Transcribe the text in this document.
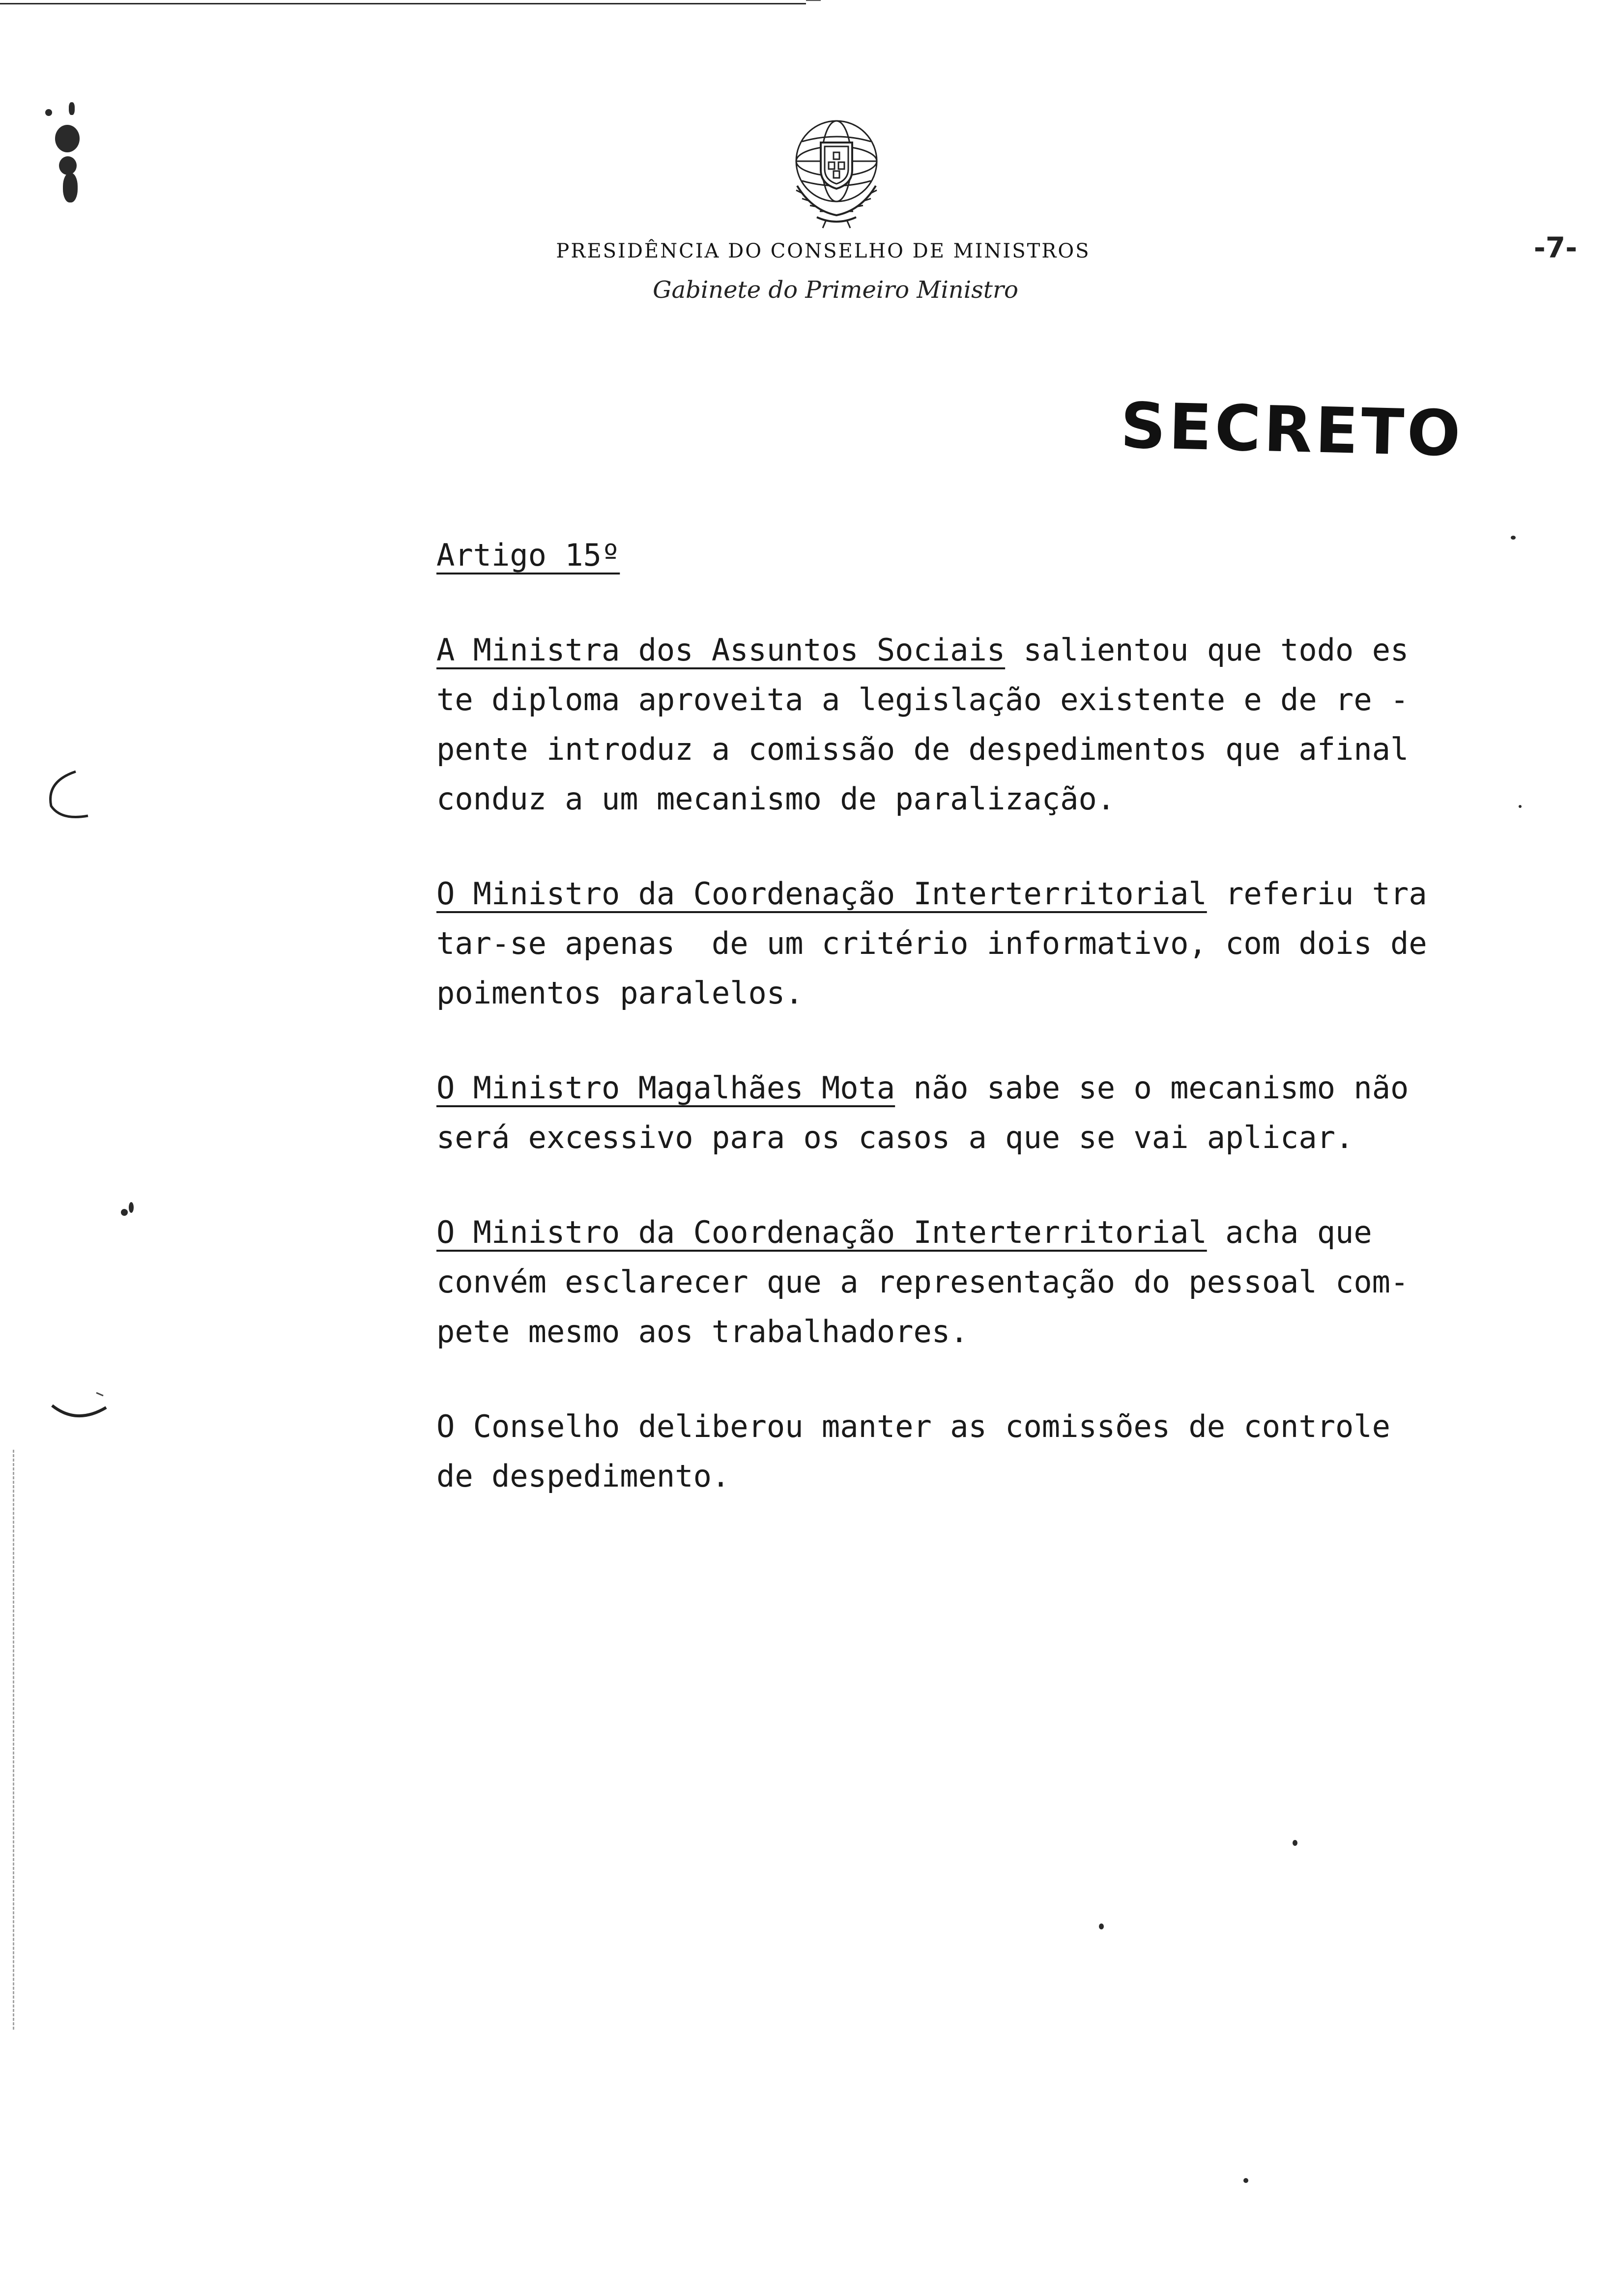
PRESIDÊNCIA DO CONSELHO DE MINISTROS
Gabinete do Primeiro Ministro
-7-
SECRETO
Artigo 15º
A Ministra dos Assuntos Sociais salientou que todo es
te diploma aproveita a legislação existente e de re -
pente introduz a comissão de despedimentos que afinal
conduz a um mecanismo de paralização.
O Ministro da Coordenação Interterritorial referiu tra
tar-se apenas  de um critério informativo, com dois de
poimentos paralelos.
O Ministro Magalhães Mota não sabe se o mecanismo não
será excessivo para os casos a que se vai aplicar.
O Ministro da Coordenação Interterritorial acha que
convém esclarecer que a representação do pessoal com-
pete mesmo aos trabalhadores.
O Conselho deliberou manter as comissões de controle
de despedimento.
